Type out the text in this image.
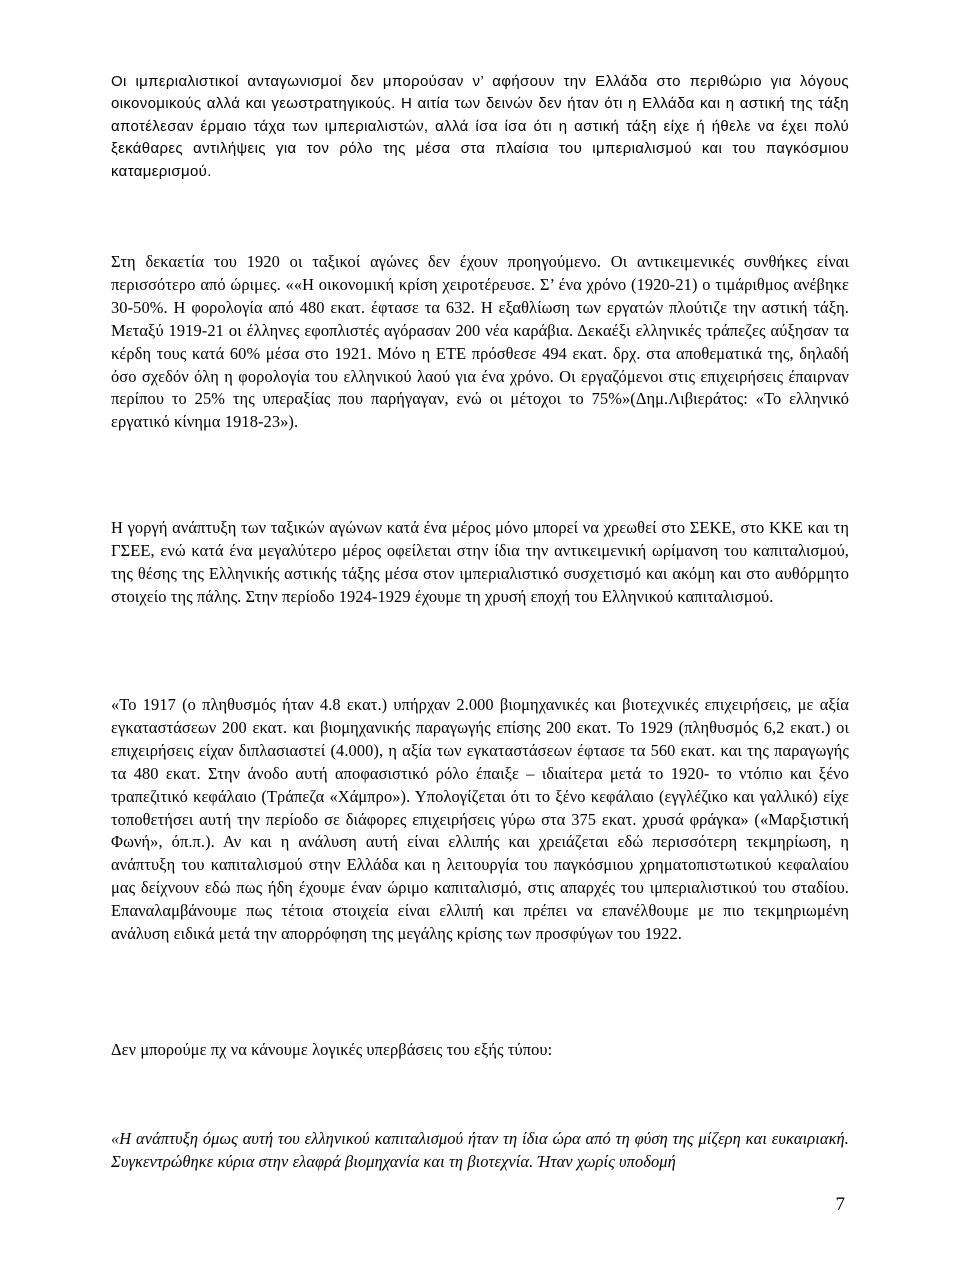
Οι ιμπεριαλιστικοί ανταγωνισμοί δεν μπορούσαν ν’ αφήσουν την Ελλάδα στο περιθώριο για λόγους οικονομικούς αλλά και γεωστρατηγικούς. Η αιτία των δεινών δεν ήταν ότι η Ελλάδα και η αστική της τάξη αποτέλεσαν έρμαιο τάχα των ιμπεριαλιστών, αλλά ίσα ίσα ότι η αστική τάξη είχε ή ήθελε να έχει πολύ ξεκάθαρες αντιλήψεις για τον ρόλο της μέσα στα πλαίσια του ιμπεριαλισμού και του παγκόσμιου καταμερισμού.

Στη δεκαετία του 1920 οι ταξικοί αγώνες δεν έχουν προηγούμενο. Οι αντικειμενικές συνθήκες είναι περισσότερο από ώριμες. ««Η οικονομική κρίση χειροτέρευσε. Σ’ ένα χρόνο (1920-21) ο τιμάριθμος ανέβηκε 30-50%. Η φορολογία από 480 εκατ. έφτασε τα 632. Η εξαθλίωση των εργατών πλούτιζε την αστική τάξη. Μεταξύ 1919-21 οι έλληνες εφοπλιστές αγόρασαν 200 νέα καράβια. Δεκαέξι ελληνικές τράπεζες αύξησαν τα κέρδη τους κατά 60% μέσα στο 1921. Μόνο η ΕΤΕ πρόσθεσε 494 εκατ. δρχ. στα αποθεματικά της, δηλαδή όσο σχεδόν όλη η φορολογία του ελληνικού λαού για ένα χρόνο. Οι εργαζόμενοι στις επιχειρήσεις έπαιρναν περίπου το 25% της υπεραξίας που παρήγαγαν, ενώ οι μέτοχοι το 75%»(Δημ.Λιβιεράτος: «Το ελληνικό εργατικό κίνημα 1918-23»).

Η γοργή ανάπτυξη των ταξικών αγώνων κατά ένα μέρος μόνο μπορεί να χρεωθεί στο ΣΕΚΕ, στο ΚΚΕ και τη ΓΣΕΕ, ενώ κατά ένα μεγαλύτερο μέρος οφείλεται στην ίδια την αντικειμενική ωρίμανση του καπιταλισμού, της θέσης της Ελληνικής αστικής τάξης μέσα στον ιμπεριαλιστικό συσχετισμό και ακόμη και στο αυθόρμητο στοιχείο της πάλης. Στην περίοδο 1924-1929 έχουμε τη χρυσή εποχή του Ελληνικού καπιταλισμού.

«Το 1917 (ο πληθυσμός ήταν 4.8 εκατ.) υπήρχαν 2.000 βιομηχανικές και βιοτεχνικές επιχειρήσεις, με αξία εγκαταστάσεων 200 εκατ. και βιομηχανικής παραγωγής επίσης 200 εκατ. Το 1929 (πληθυσμός 6,2 εκατ.) οι επιχειρήσεις είχαν διπλασιαστεί (4.000), η αξία των εγκαταστάσεων έφτασε τα 560 εκατ. και της παραγωγής τα 480 εκατ. Στην άνοδο αυτή αποφασιστικό ρόλο έπαιξε – ιδιαίτερα μετά το 1920- το ντόπιο και ξένο τραπεζιτικό κεφάλαιο (Τράπεζα «Χάμπρο»). Υπολογίζεται ότι το ξένο κεφάλαιο (εγγλέζικο και γαλλικό) είχε τοποθετήσει αυτή την περίοδο σε διάφορες επιχειρήσεις γύρω στα 375 εκατ. χρυσά φράγκα» («Μαρξιστική Φωνή», όπ.π.). Αν και η ανάλυση αυτή είναι ελλιπής και χρειάζεται εδώ περισσότερη τεκμηρίωση, η ανάπτυξη του καπιταλισμού στην Ελλάδα και η λειτουργία του παγκόσμιου χρηματοπιστωτικού κεφαλαίου μας δείχνουν εδώ πως ήδη έχουμε έναν ώριμο καπιταλισμό, στις απαρχές του ιμπεριαλιστικού του σταδίου. Επαναλαμβάνουμε πως τέτοια στοιχεία είναι ελλιπή και πρέπει να επανέλθουμε με πιο τεκμηριωμένη ανάλυση ειδικά μετά την απορρόφηση της μεγάλης κρίσης των προσφύγων του 1922.

Δεν μπορούμε πχ να κάνουμε λογικές υπερβάσεις του εξής τύπου:

«Η ανάπτυξη όμως αυτή του ελληνικού καπιταλισμού ήταν τη ίδια ώρα από τη φύση της μίζερη και ευκαιριακή. Συγκεντρώθηκε κύρια στην ελαφρά βιομηχανία και τη βιοτεχνία. Ήταν χωρίς υποδομή

7
